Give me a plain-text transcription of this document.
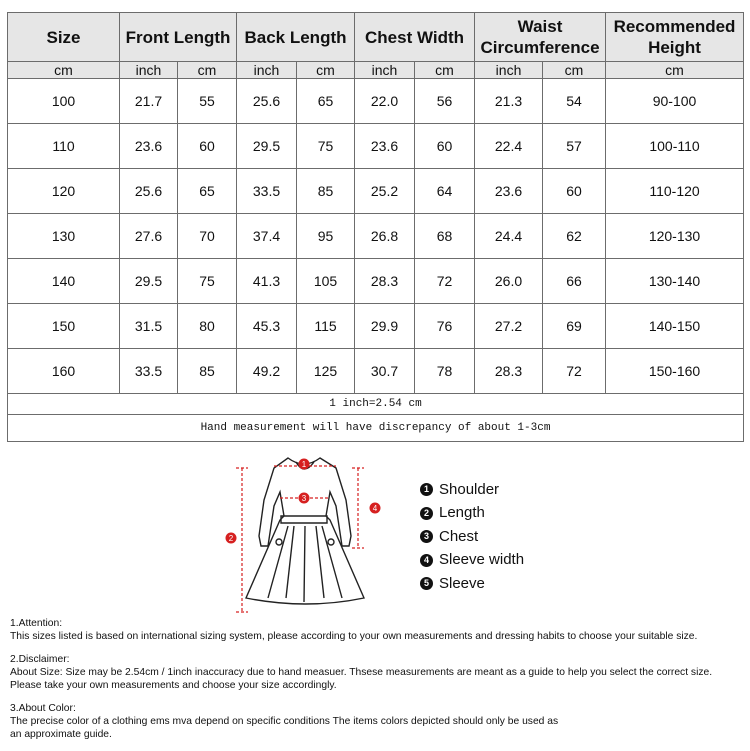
Size	Front Length		Back Length		Chest Width		Waist Circumference		Recommended Height
cm	inch	cm	inch	cm	inch	cm	inch	cm	cm
100	21.7	55	25.6	65	22.0	56	21.3	54	90-100
110	23.6	60	29.5	75	23.6	60	22.4	57	100-110
120	25.6	65	33.5	85	25.2	64	23.6	60	110-120
130	27.6	70	37.4	95	26.8	68	24.4	62	120-130
140	29.5	75	41.3	105	28.3	72	26.0	66	130-140
150	31.5	80	45.3	115	29.9	76	27.2	69	140-150
160	33.5	85	49.2	125	30.7	78	28.3	72	150-160
1 inch=2.54 cm									
Hand measurement will have discrepancy of about 1-3cm									
1
2
3
4
1 Shoulder
2 Length
3 Chest
4 Sleeve width
5 Sleeve

1.Attention:

This sizes listed is based on international sizing system, please according to your own measurements and dressing habits to choose your suitable size.

2.Disclaimer:

About Size: Size may be 2.54cm / 1inch inaccuracy due to hand measuer. Thsese measurements are meant as a guide to help you select the correct size.

Please take your own measurements and choose your size accordingly.

3.About Color:

The precise color of a clothing ems mva depend on specific conditions The items colors depicted should only be used as

an approximate guide.
